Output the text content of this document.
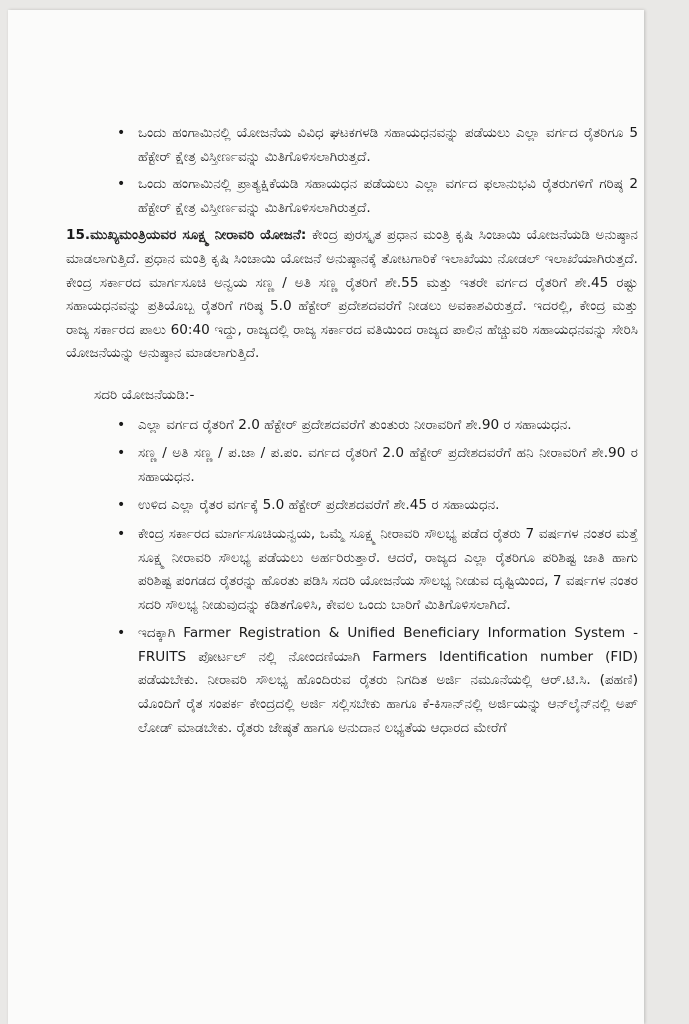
• ಒಂದು ಹಂಗಾಮಿನಲ್ಲಿ ಯೋಜನೆಯ ವಿವಿಧ ಘಟಕಗಳಡಿ ಸಹಾಯಧನವನ್ನು ಪಡೆಯಲು ಎಲ್ಲಾ ವರ್ಗದ ರೈತರಿಗೂ 5 ಹೆಕ್ಟೇರ್ ಕ್ಷೇತ್ರ ವಿಸ್ತೀರ್ಣವನ್ನು ಮಿತಿಗೊಳಿಸಲಾಗಿರುತ್ತದೆ.
• ಒಂದು ಹಂಗಾಮಿನಲ್ಲಿ ಪ್ರಾತ್ಯಕ್ಷಿಕೆಯಡಿ ಸಹಾಯಧನ ಪಡೆಯಲು ಎಲ್ಲಾ ವರ್ಗದ ಫಲಾನುಭವಿ ರೈತರುಗಳಿಗೆ ಗರಿಷ್ಠ 2 ಹೆಕ್ಟೇರ್ ಕ್ಷೇತ್ರ ವಿಸ್ತೀರ್ಣವನ್ನು ಮಿತಿಗೊಳಿಸಲಾಗಿರುತ್ತದೆ.

15.ಮುಖ್ಯಮಂತ್ರಿಯವರ ಸೂಕ್ಷ್ಮ ನೀರಾವರಿ ಯೋಜನೆ: ಕೇಂದ್ರ ಪುರಸ್ಕೃತ ಪ್ರಧಾನ ಮಂತ್ರಿ ಕೃಷಿ ಸಿಂಚಾಯಿ ಯೋಜನೆಯಡಿ ಅನುಷ್ಠಾನ ಮಾಡಲಾಗುತ್ತಿದೆ. ಪ್ರಧಾನ ಮಂತ್ರಿ ಕೃಷಿ ಸಿಂಚಾಯಿ ಯೋಜನೆ ಅನುಷ್ಠಾನಕ್ಕೆ ತೋಟಗಾರಿಕೆ ಇಲಾಖೆಯು ನೋಡಲ್ ಇಲಾಖೆಯಾಗಿರುತ್ತದೆ. ಕೇಂದ್ರ ಸರ್ಕಾರದ ಮಾರ್ಗಸೂಚಿ ಅನ್ವಯ ಸಣ್ಣ / ಅತಿ ಸಣ್ಣ ರೈತರಿಗೆ ಶೇ.55 ಮತ್ತು ಇತರೇ ವರ್ಗದ ರೈತರಿಗೆ ಶೇ.45 ರಷ್ಟು ಸಹಾಯಧನವನ್ನು ಪ್ರತಿಯೊಬ್ಬ ರೈತರಿಗೆ ಗರಿಷ್ಠ 5.0 ಹೆಕ್ಟೇರ್ ಪ್ರದೇಶದವರೆಗೆ ನೀಡಲು ಅವಕಾಶವಿರುತ್ತದೆ. ಇದರಲ್ಲಿ, ಕೇಂದ್ರ ಮತ್ತು ರಾಜ್ಯ ಸರ್ಕಾರದ ಪಾಲು 60:40 ಇದ್ದು, ರಾಜ್ಯದಲ್ಲಿ ರಾಜ್ಯ ಸರ್ಕಾರದ ವತಿಯಿಂದ ರಾಜ್ಯದ ಪಾಲಿನ ಹೆಚ್ಚುವರಿ ಸಹಾಯಧನವನ್ನು ಸೇರಿಸಿ ಯೋಜನೆಯನ್ನು ಅನುಷ್ಠಾನ ಮಾಡಲಾಗುತ್ತಿದೆ.

ಸದರಿ ಯೋಜನೆಯಡಿ:-
• ಎಲ್ಲಾ ವರ್ಗದ ರೈತರಿಗೆ 2.0 ಹೆಕ್ಟೇರ್ ಪ್ರದೇಶದವರೆಗೆ ತುಂತುರು ನೀರಾವರಿಗೆ ಶೇ.90 ರ ಸಹಾಯಧನ.
• ಸಣ್ಣ / ಅತಿ ಸಣ್ಣ / ಪ.ಜಾ / ಪ.ಪಂ. ವರ್ಗದ ರೈತರಿಗೆ 2.0 ಹೆಕ್ಟೇರ್ ಪ್ರದೇಶದವರೆಗೆ ಹನಿ ನೀರಾವರಿಗೆ ಶೇ.90 ರ ಸಹಾಯಧನ.
• ಉಳಿದ ಎಲ್ಲಾ ರೈತರ ವರ್ಗಕ್ಕೆ 5.0 ಹೆಕ್ಟೇರ್ ಪ್ರದೇಶದವರೆಗೆ ಶೇ.45 ರ ಸಹಾಯಧನ.
• ಕೇಂದ್ರ ಸರ್ಕಾರದ ಮಾರ್ಗಸೂಚಿಯನ್ವಯ, ಒಮ್ಮೆ ಸೂಕ್ಷ್ಮ ನೀರಾವರಿ ಸೌಲಭ್ಯ ಪಡೆದ ರೈತರು 7 ವರ್ಷಗಳ ನಂತರ ಮತ್ತೆ ಸೂಕ್ಷ್ಮ ನೀರಾವರಿ ಸೌಲಭ್ಯ ಪಡೆಯಲು ಅರ್ಹರಿರುತ್ತಾರೆ. ಆದರೆ, ರಾಜ್ಯದ ಎಲ್ಲಾ ರೈತರಿಗೂ ಪರಿಶಿಷ್ಟ ಜಾತಿ ಹಾಗು ಪರಿಶಿಷ್ಟ ಪಂಗಡದ ರೈತರನ್ನು ಹೊರತು ಪಡಿಸಿ ಸದರಿ ಯೋಜನೆಯ ಸೌಲಭ್ಯ ನೀಡುವ ದೃಷ್ಟಿಯಿಂದ, 7 ವರ್ಷಗಳ ನಂತರ ಸದರಿ ಸೌಲಭ್ಯ ನೀಡುವುದನ್ನು ಕಡಿತಗೊಳಿಸಿ, ಕೇವಲ ಒಂದು ಬಾರಿಗೆ ಮಿತಿಗೊಳಿಸಲಾಗಿದೆ.
• ಇದಕ್ಕಾಗಿ Farmer Registration & Unified Beneficiary Information System - FRUITS ಪೋರ್ಟಲ್ ನಲ್ಲಿ ನೋಂದಣಿಯಾಗಿ Farmers Identification number (FID) ಪಡೆಯಬೇಕು. ನೀರಾವರಿ ಸೌಲಭ್ಯ ಹೊಂದಿರುವ ರೈತರು ನಿಗದಿತ ಅರ್ಜಿ ನಮೂನೆಯಲ್ಲಿ ಆರ್.ಟಿ.ಸಿ. (ಪಹಣಿ) ಯೊಂದಿಗೆ ರೈತ ಸಂಪರ್ಕ ಕೇಂದ್ರದಲ್ಲಿ ಅರ್ಜಿ ಸಲ್ಲಿಸಬೇಕು ಹಾಗೂ ಕೆ-ಕಿಸಾನ್‌ನಲ್ಲಿ ಅರ್ಜಿಯನ್ನು ಆನ್‌ಲೈನ್‌ನಲ್ಲಿ ಅಪ್ ಲೋಡ್ ಮಾಡಬೇಕು. ರೈತರು ಜೇಷ್ಠತೆ ಹಾಗೂ ಅನುದಾನ ಲಭ್ಯತೆಯ ಆಧಾರದ ಮೇರೆಗೆ
